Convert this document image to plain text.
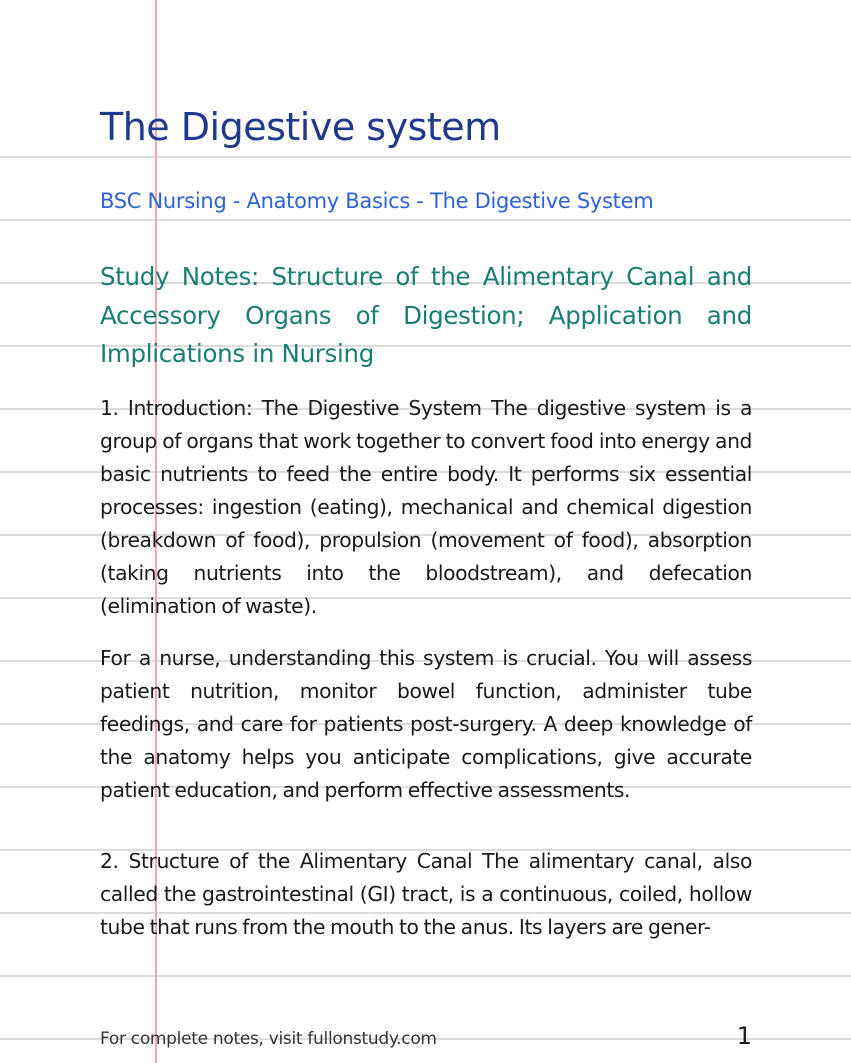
The Digestive system

BSC Nursing - Anatomy Basics - The Digestive System

Study Notes: Structure of the Alimentary Canal and Accessory Organs of Digestion; Application and Implications in Nursing

1. Introduction: The Digestive System The digestive system is a group of organs that work together to convert food into energy and basic nutrients to feed the entire body. It performs six essential processes: ingestion (eating), mechanical and chemical digestion (breakdown of food), propulsion (movement of food), absorption (taking nutrients into the bloodstream), and defecation (elimination of waste).

For a nurse, understanding this system is crucial. You will assess patient nutrition, monitor bowel function, administer tube feedings, and care for patients post-surgery. A deep knowledge of the anatomy helps you anticipate complications, give accurate patient education, and perform effective assessments.

2. Structure of the Alimentary Canal The alimentary canal, also called the gastrointestinal (GI) tract, is a continuous, coiled, hollow tube that runs from the mouth to the anus. Its layers are gener-

For complete notes, visit fullonstudy.com	1
